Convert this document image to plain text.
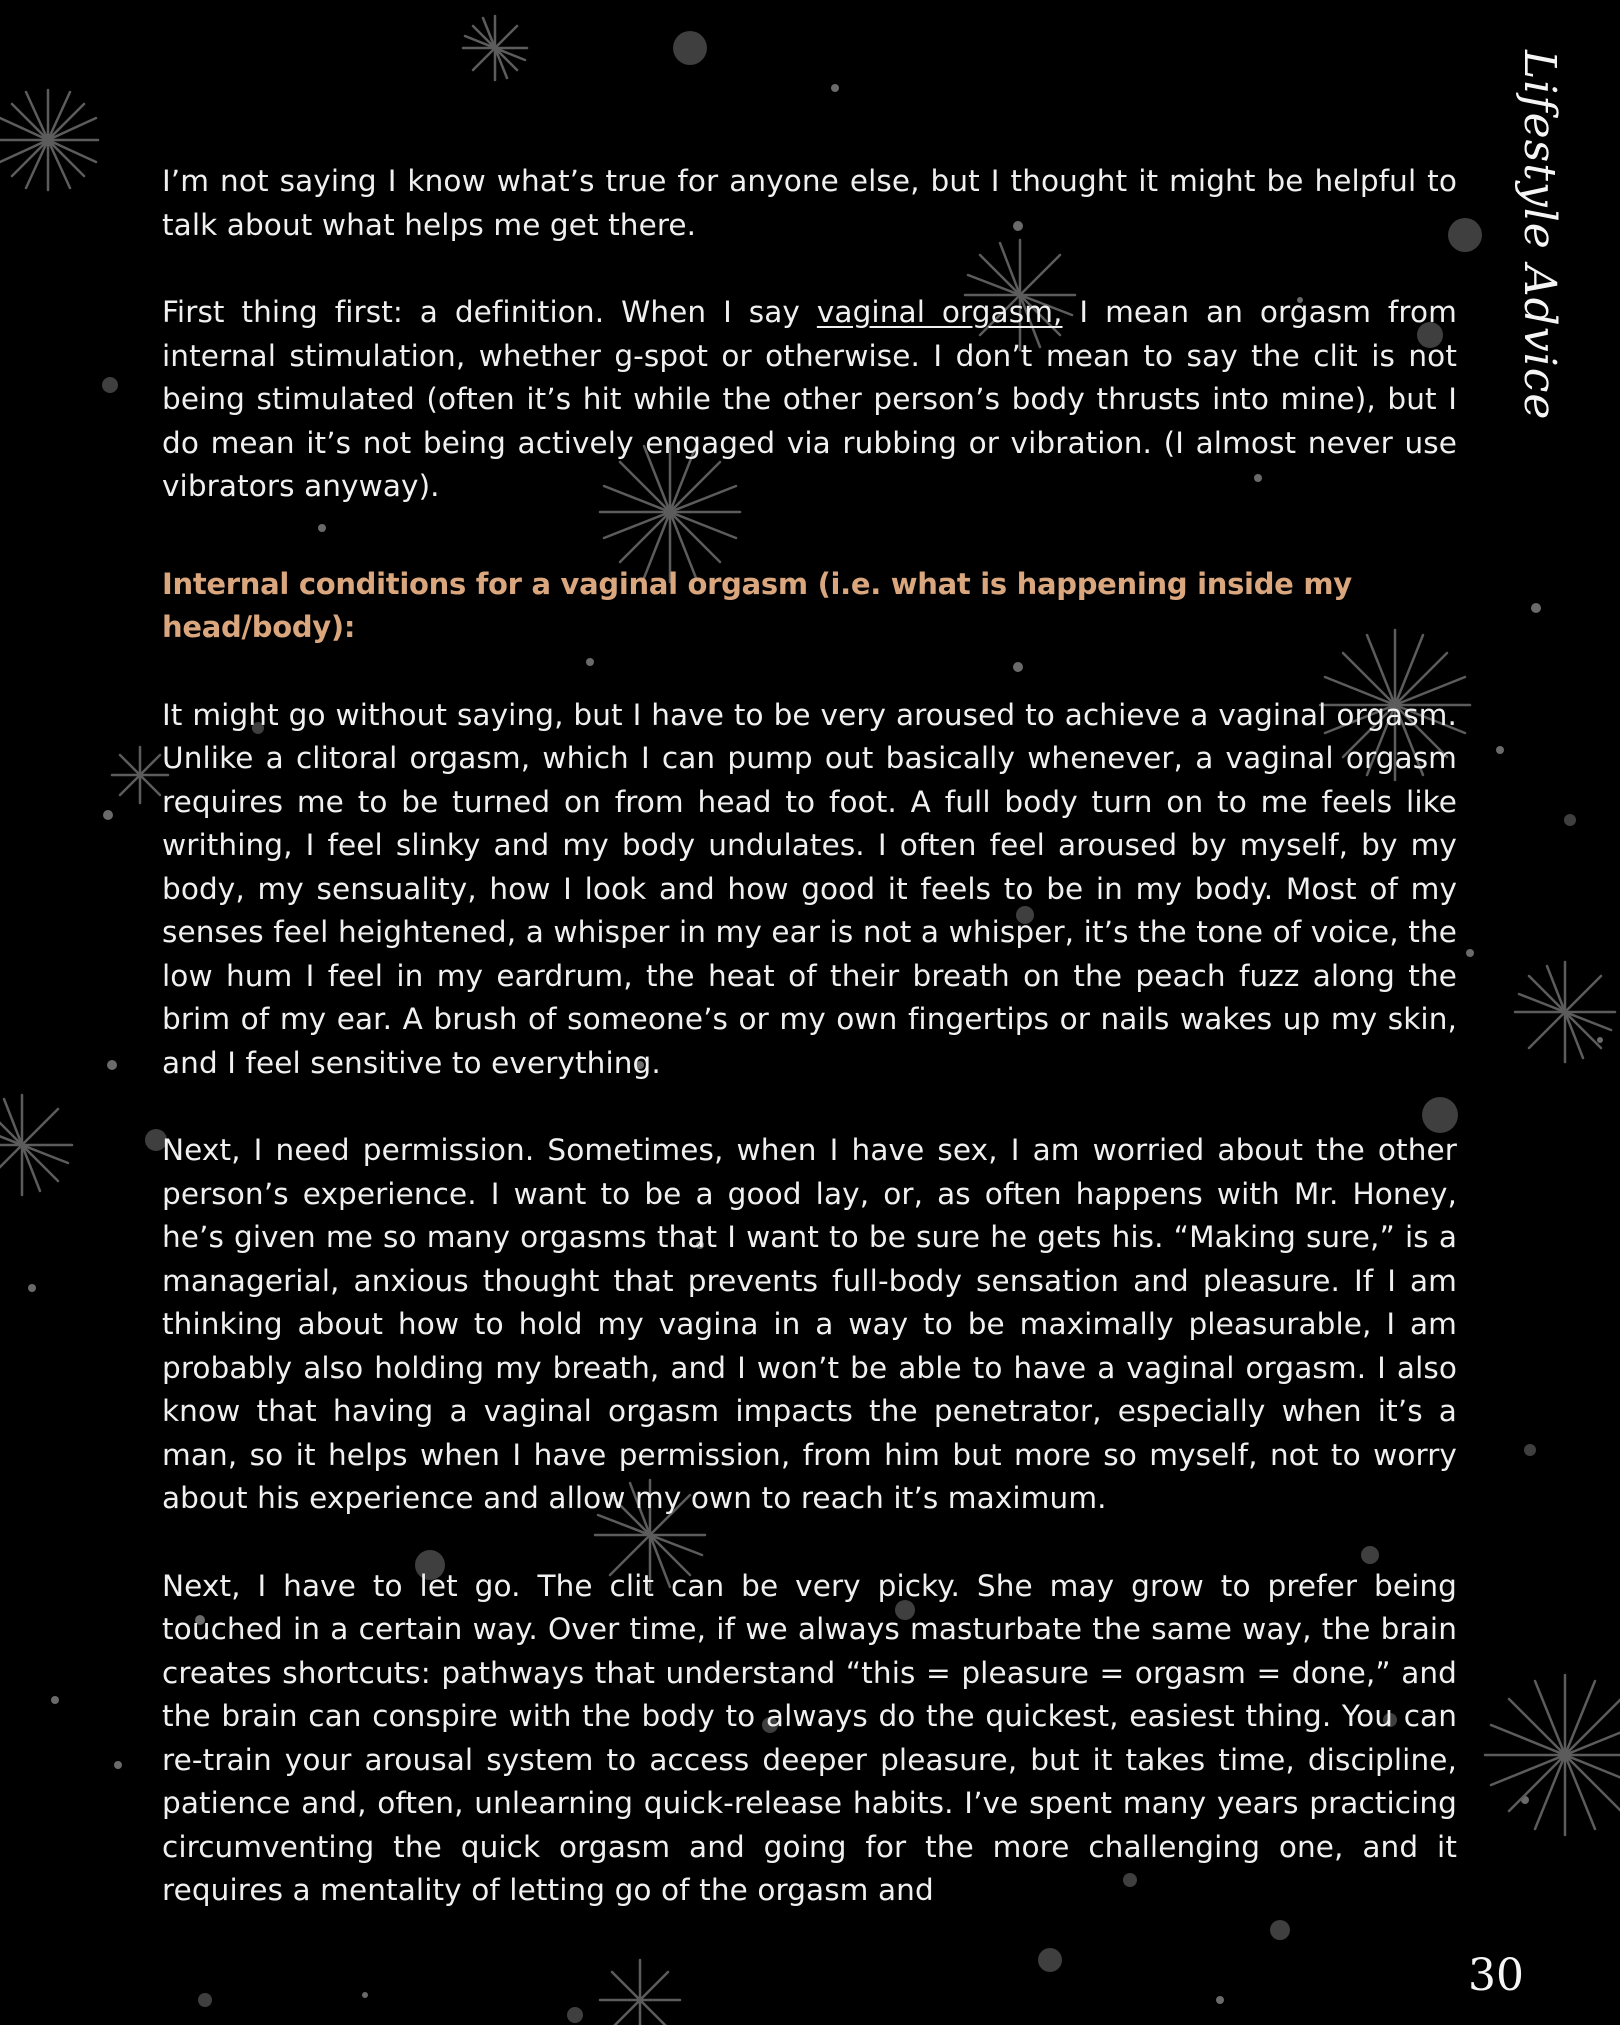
Lifestyle Advice

I’m not saying I know what’s true for anyone else, but I thought it might be helpful to talk about what helps me get there.

First thing first: a definition. When I say vaginal orgasm, I mean an orgasm from internal stimulation, whether g-spot or otherwise. I don’t mean to say the clit is not being stimulated (often it’s hit while the other person’s body thrusts into mine), but I do mean it’s not being actively engaged via rubbing or vibration. (I almost never use vibrators anyway).

Internal conditions for a vaginal orgasm (i.e. what is happening inside my head/body):

It might go without saying, but I have to be very aroused to achieve a vaginal orgasm. Unlike a clitoral orgasm, which I can pump out basically whenever, a vaginal orgasm requires me to be turned on from head to foot. A full body turn on to me feels like writhing, I feel slinky and my body undulates. I often feel aroused by myself, by my body, my sensuality, how I look and how good it feels to be in my body. Most of my senses feel heightened, a whisper in my ear is not a whisper, it’s the tone of voice, the low hum I feel in my eardrum, the heat of their breath on the peach fuzz along the brim of my ear. A brush of someone’s or my own fingertips or nails wakes up my skin, and I feel sensitive to everything.

Next, I need permission. Sometimes, when I have sex, I am worried about the other person’s experience. I want to be a good lay, or, as often happens with Mr. Honey, he’s given me so many orgasms that I want to be sure he gets his. “Making sure,” is a managerial, anxious thought that prevents full-body sensation and pleasure. If I am thinking about how to hold my vagina in a way to be maximally pleasurable, I am probably also holding my breath, and I won’t be able to have a vaginal orgasm. I also know that having a vaginal orgasm impacts the penetrator, especially when it’s a man, so it helps when I have permission, from him but more so myself, not to worry about his experience and allow my own to reach it’s maximum.

Next, I have to let go. The clit can be very picky. She may grow to prefer being touched in a certain way. Over time, if we always masturbate the same way, the brain creates shortcuts: pathways that understand “this = pleasure = orgasm = done,” and the brain can conspire with the body to always do the quickest, easiest thing. You can re-train your arousal system to access deeper pleasure, but it takes time, discipline, patience and, often, unlearning quick-release habits. I’ve spent many years practicing circumventing the quick orgasm and going for the more challenging one, and it requires a mentality of letting go of the orgasm and

30
